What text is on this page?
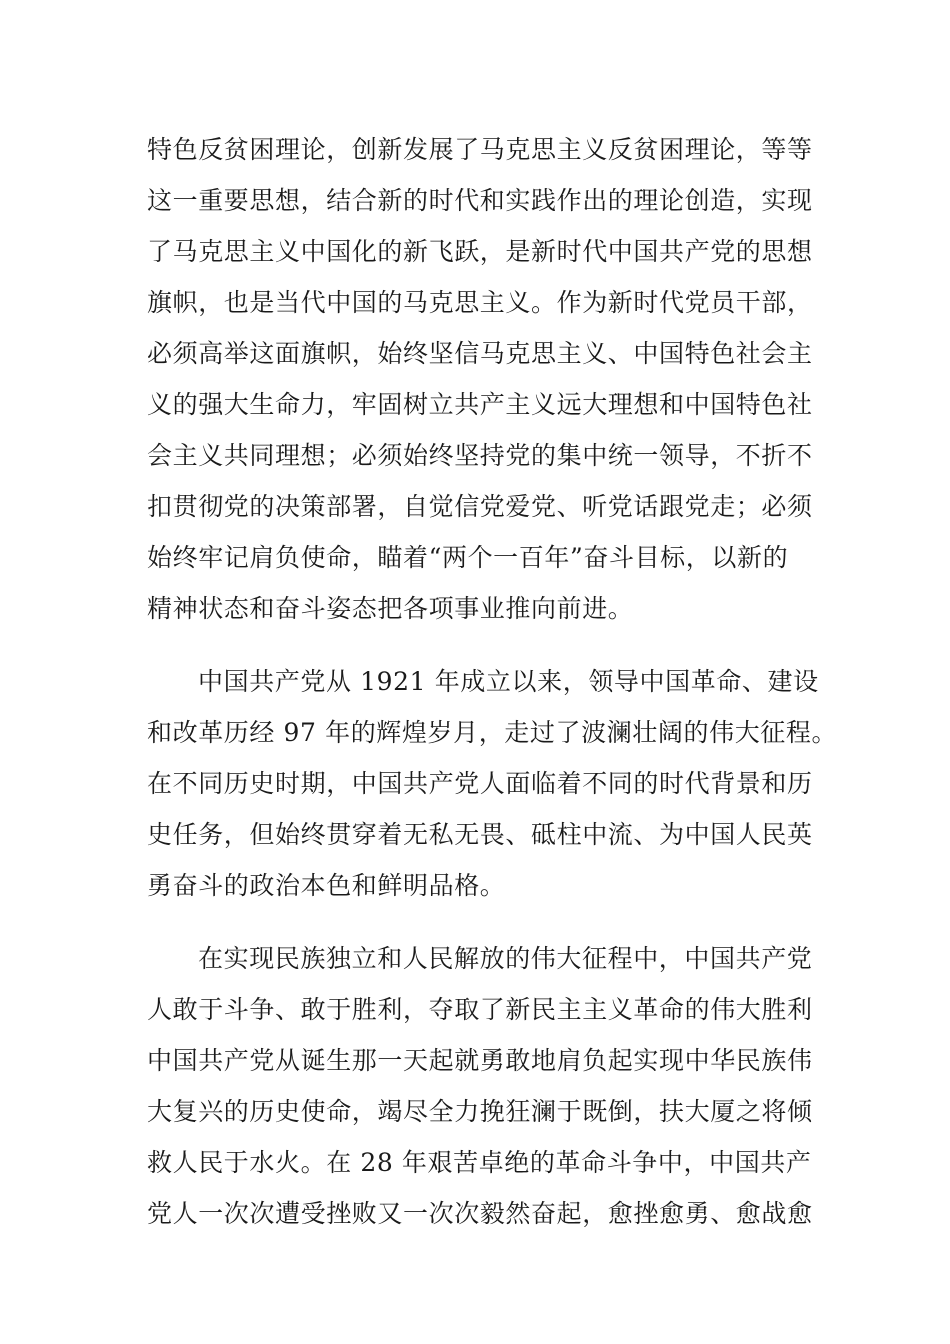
特色反贫困理论，创新发展了马克思主义反贫困理论，等等
这一重要思想，结合新的时代和实践作出的理论创造，实现
了马克思主义中国化的新飞跃，是新时代中国共产党的思想
旗帜，也是当代中国的马克思主义。作为新时代党员干部，
必须高举这面旗帜，始终坚信马克思主义、中国特色社会主
义的强大生命力，牢固树立共产主义远大理想和中国特色社
会主义共同理想；必须始终坚持党的集中统一领导，不折不
扣贯彻党的决策部署，自觉信党爱党、听党话跟党走；必须
始终牢记肩负使命，瞄着“两个一百年”奋斗目标，以新的
精神状态和奋斗姿态把各项事业推向前进。
中国共产党从 1921 年成立以来，领导中国革命、建设
和改革历经 97 年的辉煌岁月，走过了波澜壮阔的伟大征程。
在不同历史时期，中国共产党人面临着不同的时代背景和历
史任务，但始终贯穿着无私无畏、砥柱中流、为中国人民英
勇奋斗的政治本色和鲜明品格。
在实现民族独立和人民解放的伟大征程中，中国共产党
人敢于斗争、敢于胜利，夺取了新民主主义革命的伟大胜利
中国共产党从诞生那一天起就勇敢地肩负起实现中华民族伟
大复兴的历史使命，竭尽全力挽狂澜于既倒，扶大厦之将倾
救人民于水火。在 28 年艰苦卓绝的革命斗争中，中国共产
党人一次次遭受挫败又一次次毅然奋起，愈挫愈勇、愈战愈
